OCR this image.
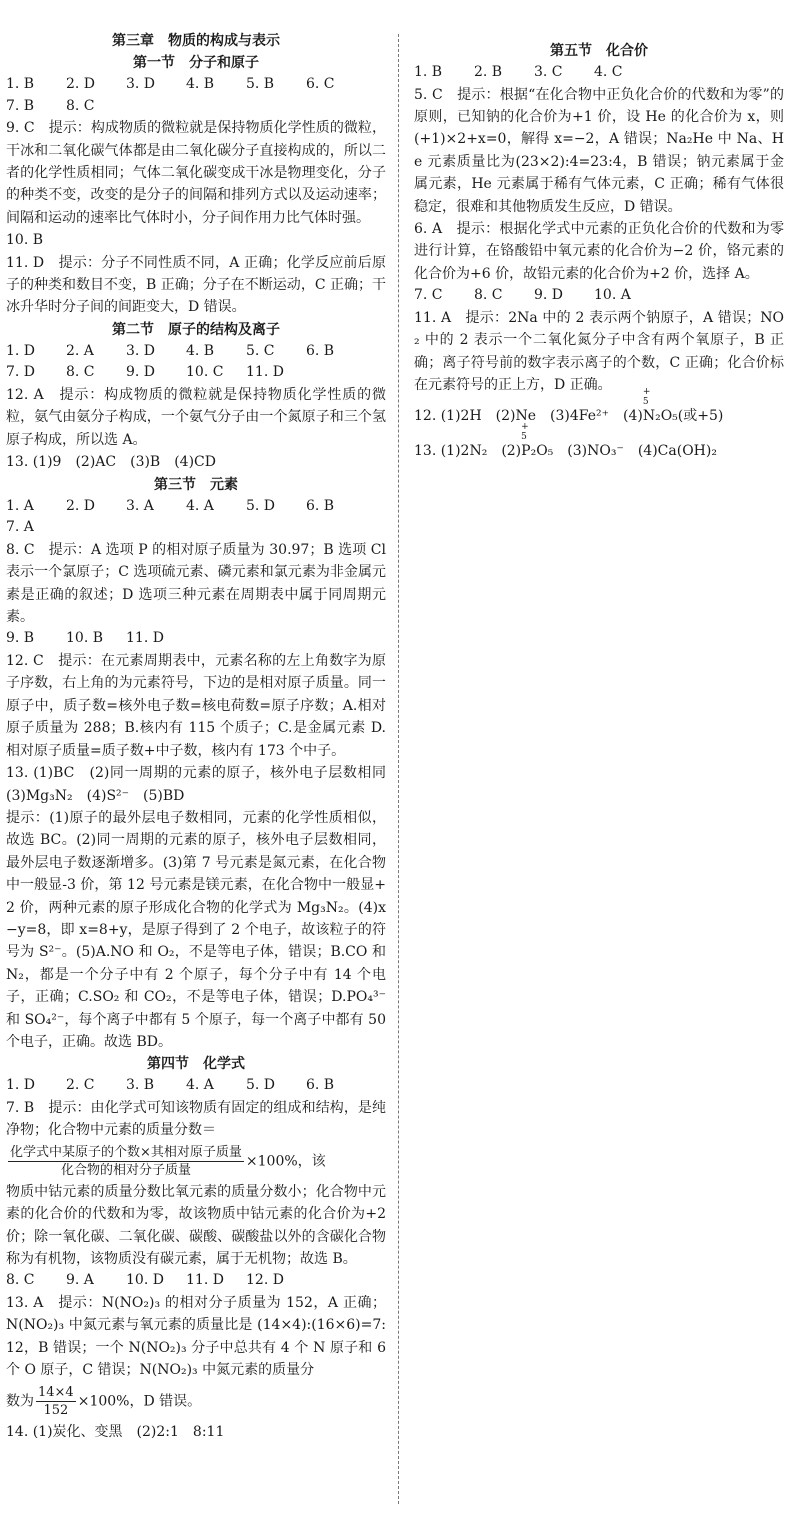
第三章　物质的构成与表示
第一节　分子和原子
1. B	2. D	3. D	4. B	5. B	6. C
7. B	8. C

9. C　提示：构成物质的微粒就是保持物质化学性质的微粒，干冰和二氧化碳气体都是由二氧化碳分子直接构成的，所以二者的化学性质相同；气体二氧化碳变成干冰是物理变化，分子的种类不变，改变的是分子的间隔和排列方式以及运动速率；间隔和运动的速率比气体时小，分子间作用力比气体时强。

10. B

11. D　提示：分子不同性质不同，A 正确；化学反应前后原子的种类和数目不变，B 正确；分子在不断运动，C 正确；干冰升华时分子间的间距变大，D 错误。

第二节　原子的结构及离子
1. D	2. A	3. D	4. B	5. C	6. B
7. D	8. C	9. D	10. C	11. D

12. A　提示：构成物质的微粒就是保持物质化学性质的微粒，氨气由氨分子构成，一个氨气分子由一个氮原子和三个氢原子构成，所以选 A。

13. (1)9　(2)AC　(3)B　(4)CD

第三节　元素
1. A	2. D	3. A	4. A	5. D	6. B
7. A

8. C　提示：A 选项 P 的相对原子质量为 30.97；B 选项 Cl 表示一个氯原子；C 选项硫元素、磷元素和氯元素为非金属元素是正确的叙述；D 选项三种元素在周期表中属于同周期元素。

9. B	10. B	11. D

12. C　提示：在元素周期表中，元素名称的左上角数字为原子序数，右上角的为元素符号，下边的是相对原子质量。同一原子中，质子数=核外电子数=核电荷数=原子序数；A.相对原子质量为 288；B.核内有 115 个质子；C.是金属元素 D.相对原子质量=质子数+中子数，核内有 173 个中子。

13. (1)BC　(2)同一周期的元素的原子，核外电子层数相同　(3)Mg₃N₂　(4)S²⁻　(5)BD

提示：(1)原子的最外层电子数相同，元素的化学性质相似，故选 BC。(2)同一周期的元素的原子，核外电子层数相同，最外层电子数逐渐增多。(3)第 7 号元素是氮元素，在化合物中一般显-3 价，第 12 号元素是镁元素，在化合物中一般显+2 价，两种元素的原子形成化合物的化学式为 Mg₃N₂。(4)x−y=8，即 x=8+y，是原子得到了 2 个电子，故该粒子的符号为 S²⁻。(5)A.NO 和 O₂，不是等电子体，错误；B.CO 和 N₂，都是一个分子中有 2 个原子，每个分子中有 14 个电子，正确；C.SO₂ 和 CO₂，不是等电子体，错误；D.PO₄³⁻和 SO₄²⁻，每个离子中都有 5 个原子，每一个离子中都有 50 个电子，正确。故选 BD。

第四节　化学式
1. D	2. C	3. B	4. A	5. D	6. B

7. B　提示：由化学式可知该物质有固定的组成和结构，是纯净物；化合物中元素的质量分数＝

$\frac{\text{化学式中某原子的个数×其相对原子质量}}{\text{化合物的相对分子质量}} \times 100\%$，该

物质中钴元素的质量分数比氧元素的质量分数小；化合物中元素的化合价的代数和为零，故该物质中钴元素的化合价为+2 价；除一氧化碳、二氧化碳、碳酸、碳酸盐以外的含碳化合物称为有机物，该物质没有碳元素，属于无机物；故选 B。

8. C	9. A	10. D	11. D	12. D

13. A　提示：N(NO₂)₃ 的相对分子质量为 152，A 正确；N(NO₂)₃ 中氮元素与氧元素的质量比是 (14×4):(16×6)=7:12，B 错误；一个 N(NO₂)₃ 分子中总共有 4 个 N 原子和 6 个 O 原子，C 错误；N(NO₂)₃ 中氮元素的质量分

数为 $\frac{14\times 4}{152} \times 100\%$，D 错误。

14. (1)炭化、变黑　(2)2:1　8:11

第五节　化合价
1. B	2. B	3. C	4. C

5. C　提示：根据“在化合物中正负化合价的代数和为零”的原则，已知钠的化合价为+1 价，设 He 的化合价为 x，则(+1)×2+x=0，解得 x=−2，A 错误；Na₂He 中 Na、He 元素质量比为(23×2):4=23:4，B 错误；钠元素属于金属元素，He 元素属于稀有气体元素，C 正确；稀有气体很稳定，很难和其他物质发生反应，D 错误。

6. A　提示：根据化学式中元素的正负化合价的代数和为零进行计算，在铬酸铅中氧元素的化合价为−2 价，铬元素的化合价为+6 价，故铅元素的化合价为+2 价，选择 A。

7. C	8. C	9. D	10. A

11. A　提示：2Na 中的 2 表示两个钠原子，A 错误；NO₂ 中的 2 表示一个二氧化氮分子中含有两个氧原子，B 正确；离子符号前的数字表示离子的个数，C 正确；化合价标在元素符号的正上方，D 正确。

12. (1)2H　(2)Ne　(3)4Fe²⁺　(4)
+5
N₂O₅(或+5)

13. (1)2N₂　(2)
+5
P₂O₅　(3)NO₃⁻　(4)Ca(OH)₂
